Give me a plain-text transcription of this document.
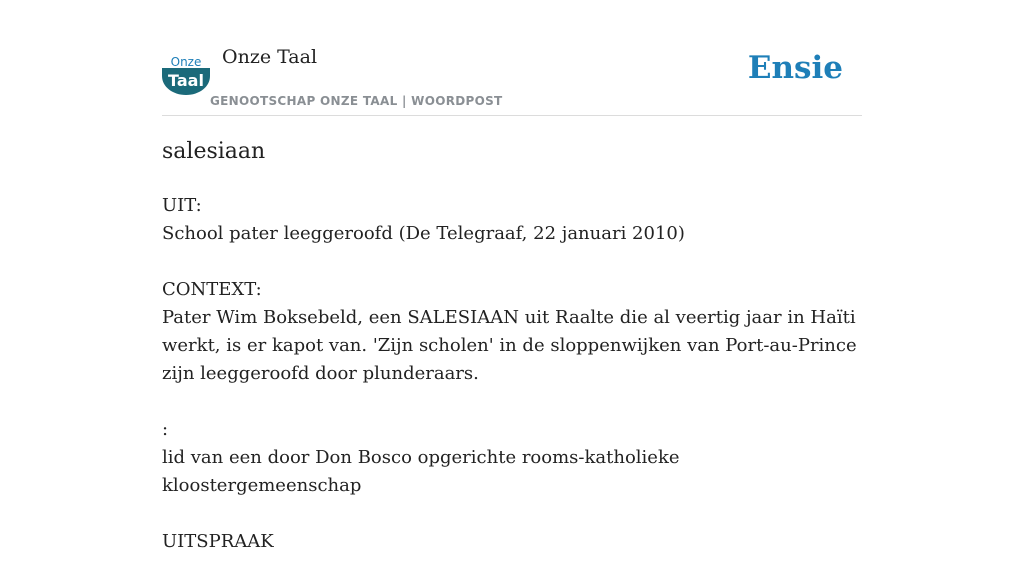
Onze
Taal
Onze Taal
GENOOTSCHAP ONZE TAAL | WOORDPOST
Ensie
salesiaan

UIT:
School pater leeggeroofd (De Telegraaf, 22 januari 2010)

CONTEXT:
Pater Wim Boksebeld, een SALESIAAN uit Raalte die al veertig jaar in Haïti werkt, is er kapot van. 'Zijn scholen' in de sloppenwijken van Port-au-Prince zijn leeggeroofd door plunderaars.

:
lid van een door Don Bosco opgerichte rooms-katholieke kloostergemeenschap

UITSPRAAK
